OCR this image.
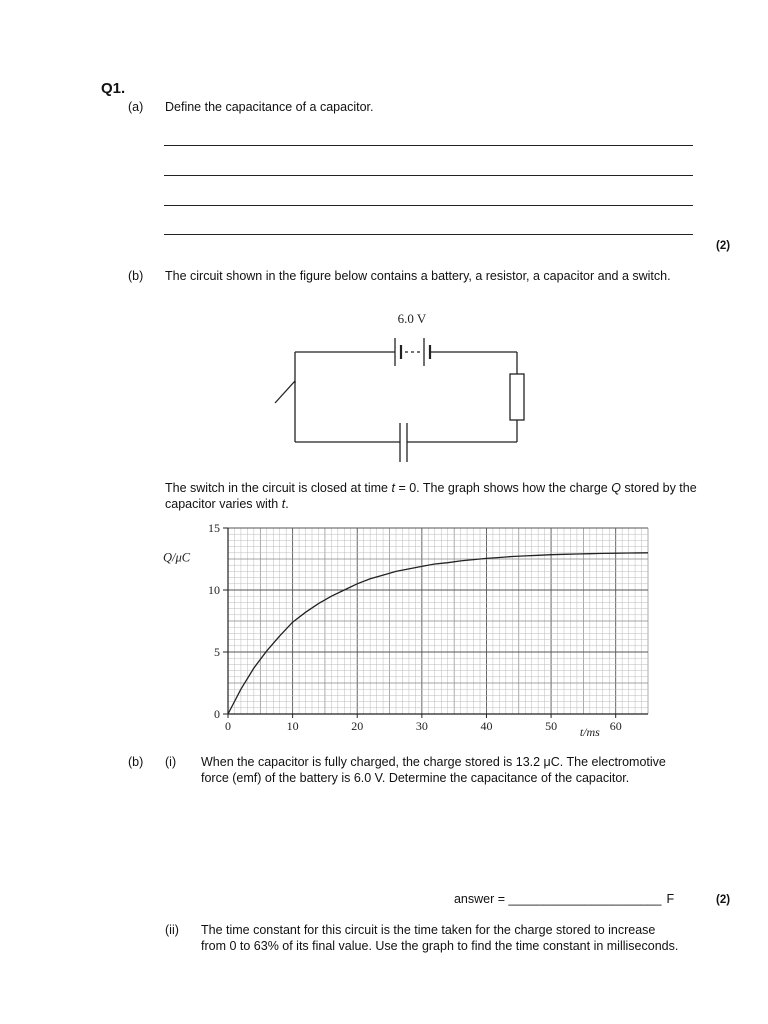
Q1.
(a) Define the capacitance of a capacitor.
(2)
(b) The circuit shown in the figure below contains a battery, a resistor, a capacitor and a switch.
6.0 V
The switch in the circuit is closed at time t = 0. The graph shows how the charge Q stored by the capacitor varies with t.
0	10	20	30	40	50	60
0
5
10
15
Q/μC
t/ms
(b) (i) When the capacitor is fully charged, the charge stored is 13.2 μC. The electromotive force (emf) of the battery is 6.0 V. Determine the capacitance of the capacitor.

answer = ______________________ F	(2)
(ii) The time constant for this circuit is the time taken for the charge stored to increase from 0 to 63% of its final value. Use the graph to find the time constant in milliseconds.
